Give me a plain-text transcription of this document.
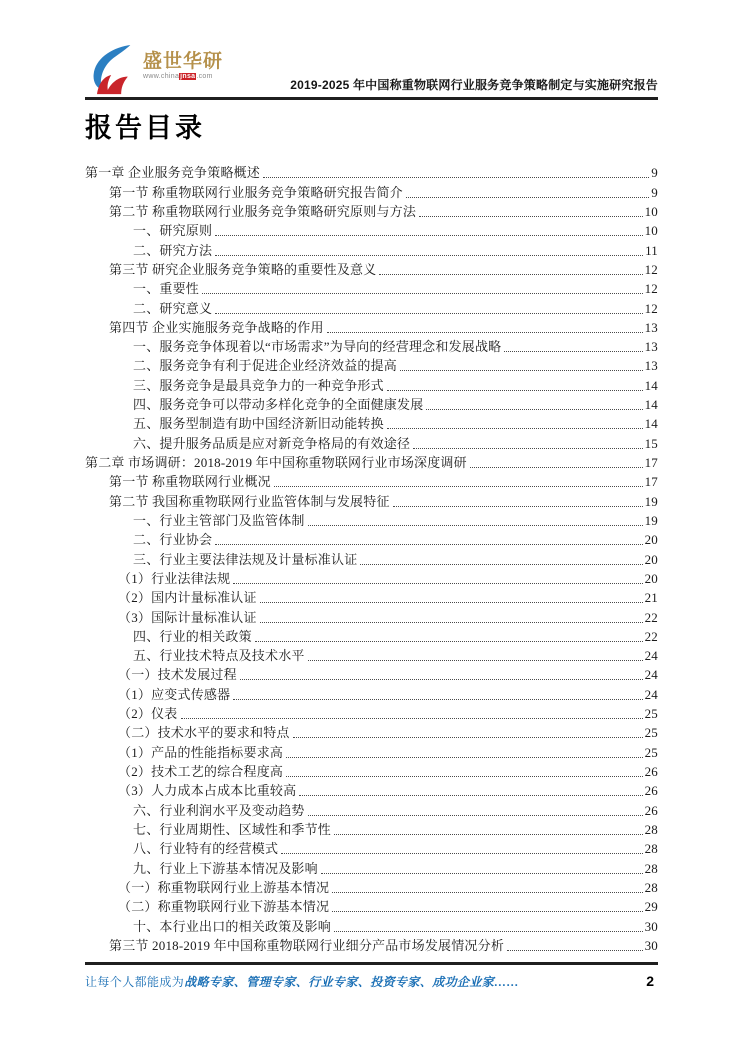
盛世华研
www.chinajnsa.com
2019-2025 年中国称重物联网行业服务竞争策略制定与实施研究报告
报告目录
第一章 企业服务竞争策略概述	9
第一节 称重物联网行业服务竞争策略研究报告简介	9
第二节 称重物联网行业服务竞争策略研究原则与方法	10
一、研究原则	10
二、研究方法	11
第三节 研究企业服务竞争策略的重要性及意义	12
一、重要性	12
二、研究意义	12
第四节 企业实施服务竞争战略的作用	13
一、服务竞争体现着以“市场需求”为导向的经营理念和发展战略	13
二、服务竞争有利于促进企业经济效益的提高	13
三、服务竞争是最具竞争力的一种竞争形式	14
四、服务竞争可以带动多样化竞争的全面健康发展	14
五、服务型制造有助中国经济新旧动能转换	14
六、提升服务品质是应对新竞争格局的有效途径	15
第二章 市场调研：2018-2019 年中国称重物联网行业市场深度调研	17
第一节 称重物联网行业概况	17
第二节 我国称重物联网行业监管体制与发展特征	19
一、行业主管部门及监管体制	19
二、行业协会	20
三、行业主要法律法规及计量标准认证	20
（1）行业法律法规	20
（2）国内计量标准认证	21
（3）国际计量标准认证	22
四、行业的相关政策	22
五、行业技术特点及技术水平	24
（一）技术发展过程	24
（1）应变式传感器	24
（2）仪表	25
（二）技术水平的要求和特点	25
（1）产品的性能指标要求高	25
（2）技术工艺的综合程度高	26
（3）人力成本占成本比重较高	26
六、行业利润水平及变动趋势	26
七、行业周期性、区域性和季节性	28
八、行业特有的经营模式	28
九、行业上下游基本情况及影响	28
（一）称重物联网行业上游基本情况	28
（二）称重物联网行业下游基本情况	29
十、本行业出口的相关政策及影响	30
第三节 2018-2019 年中国称重物联网行业细分产品市场发展情况分析	30
让每个人都能成为战略专家、管理专家、行业专家、投资专家、成功企业家……	2
